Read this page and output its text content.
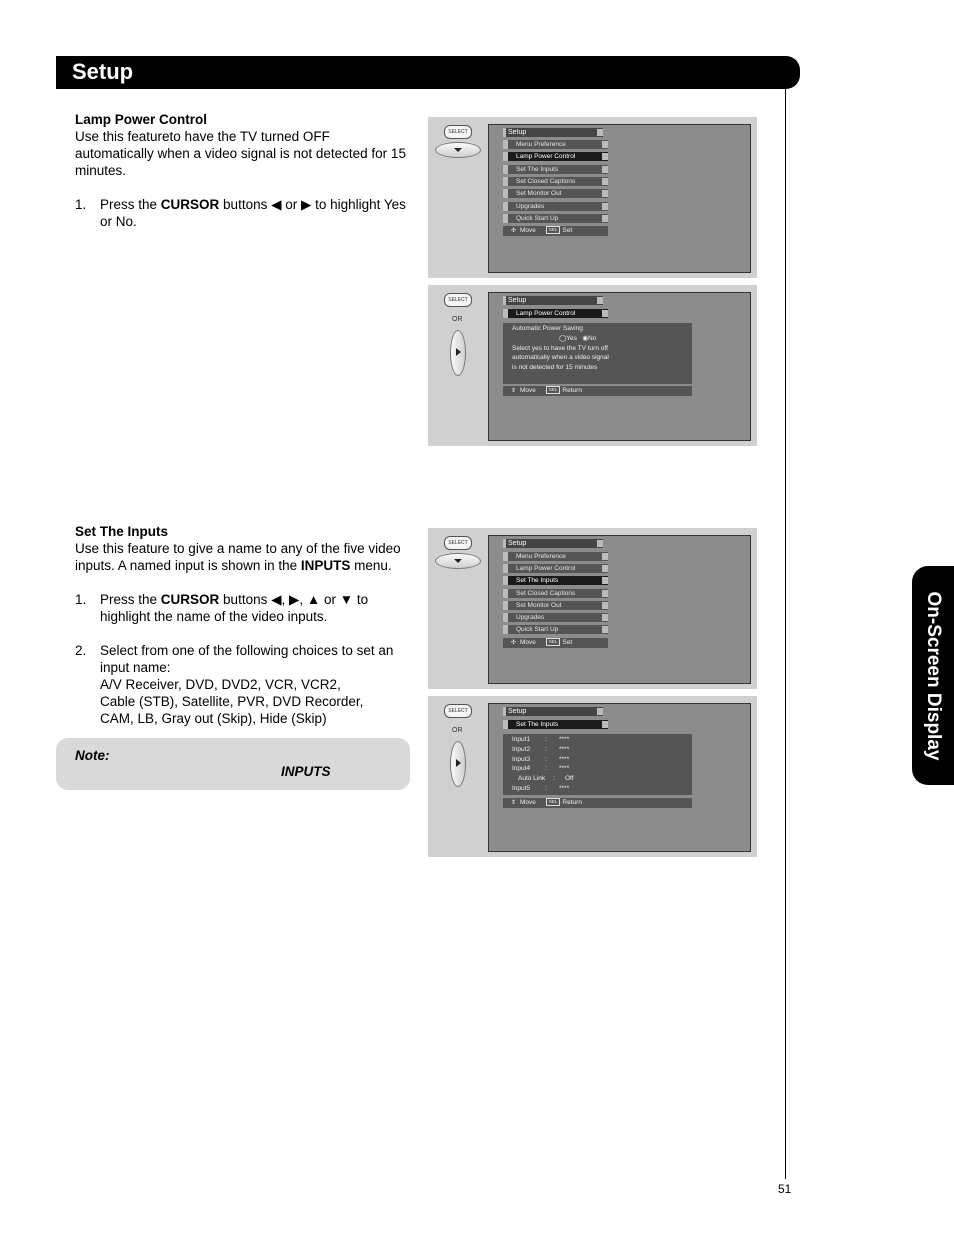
Setup
51
On-Screen Display
Lamp Power Control

Use this featureto have the TV turned OFF automatically when a video signal is not detected for 15 minutes.

1.	Press the CURSOR buttons ◀ or ▶ to highlight Yes or No.
Set The Inputs

Use this feature to give a name to any of the five video inputs. A named input is shown in the INPUTS menu.

1.	Press the CURSOR buttons ◀, ▶, ▲ or ▼ to highlight the name of the video inputs.
2.	Select from one of the following choices to set an input name:
A/V Receiver, DVD, DVD2, VCR, VCR2,
Cable (STB), Satellite, PVR, DVD Recorder,
CAM, LB, Gray out (Skip), Hide (Skip)
Note:
INPUTS
SELECT	Setup
Menu Preference
Lamp Power Control
Set The Inputs
Set Closed Captions
Set Monitor Out
Upgrades
Quick Start Up
✣ Move	SEL Set
SELECT
OR
Setup
Lamp Power Control
Automatic Power Saving
◯Yes ◉No
Select yes to have the TV turn off
automatically when a video signal
is not detected for 15 minutes
⇕ Move	SEL Return
SELECT	Setup
Menu Preference
Lamp Power Control
Set The Inputs
Set Closed Captions
Set Monitor Out
Upgrades
Quick Start Up
✣ Move	SEL Set
SELECT
OR
Setup
Set The Inputs
Input1	:	****
Input2	:	****
Input3	:	****
Input4	:	****
Auto Link	:	Off
Input5	:	****
⇕ Move	SEL Return
